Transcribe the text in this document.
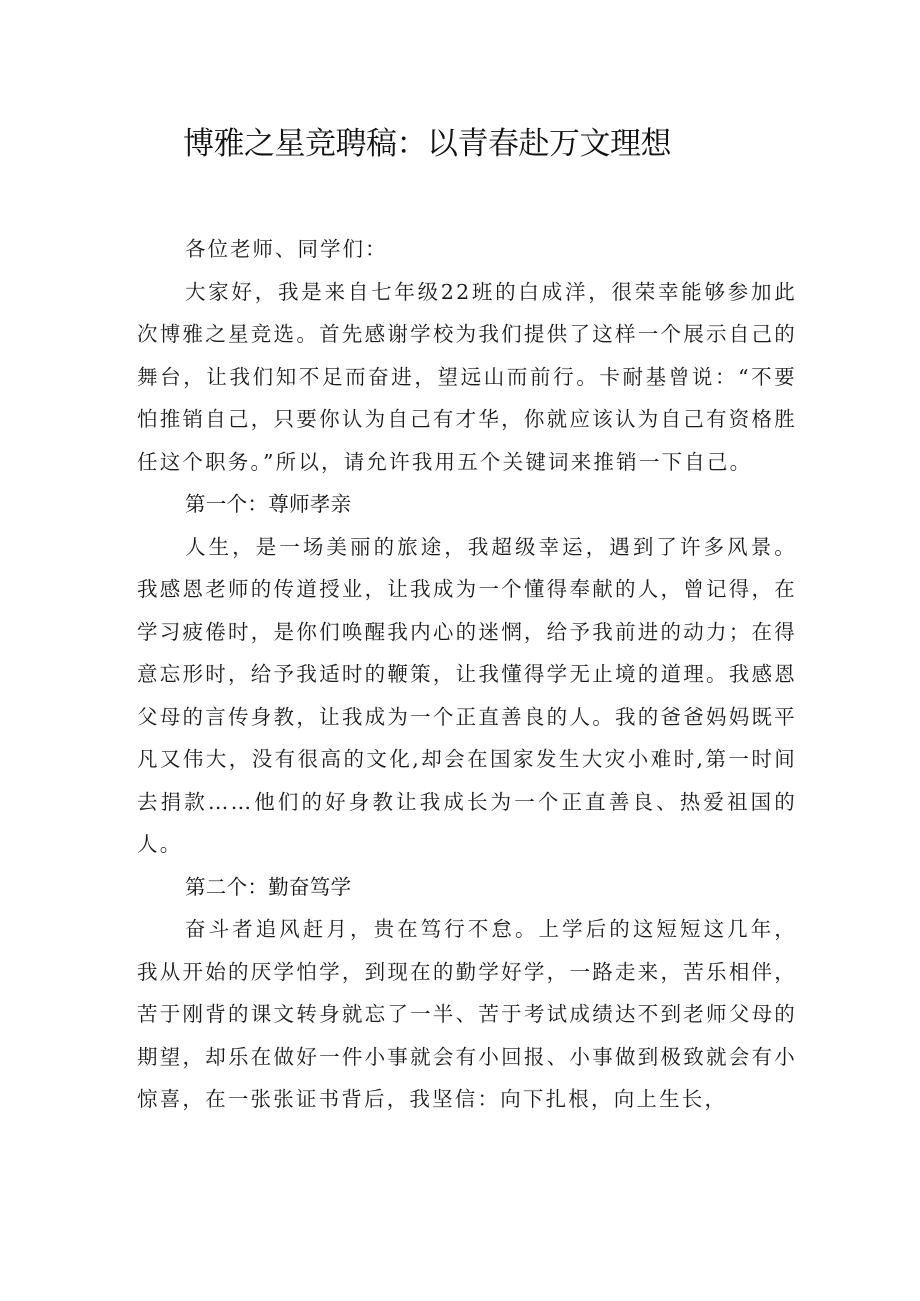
博雅之星竞聘稿：以青春赴万文理想

各位老师、同学们：

大家好，我是来自七年级22班的白成洋，很荣幸能够参加此次博雅之星竞选。首先感谢学校为我们提供了这样一个展示自己的舞台，让我们知不足而奋进，望远山而前行。卡耐基曾说：“不要怕推销自己，只要你认为自己有才华，你就应该认为自己有资格胜任这个职务。”所以，请允许我用五个关键词来推销一下自己。

第一个：尊师孝亲

人生，是一场美丽的旅途，我超级幸运，遇到了许多风景。我感恩老师的传道授业，让我成为一个懂得奉献的人，曾记得，在学习疲倦时，是你们唤醒我内心的迷惘，给予我前进的动力；在得意忘形时，给予我适时的鞭策，让我懂得学无止境的道理。我感恩父母的言传身教，让我成为一个正直善良的人。我的爸爸妈妈既平凡又伟大，没有很高的文化,却会在国家发生大灾小难时,第一时间去捐款……他们的好身教让我成长为一个正直善良、热爱祖国的人。

第二个：勤奋笃学

奋斗者追风赶月，贵在笃行不怠。上学后的这短短这几年，我从开始的厌学怕学，到现在的勤学好学，一路走来，苦乐相伴，苦于刚背的课文转身就忘了一半、苦于考试成绩达不到老师父母的期望，却乐在做好一件小事就会有小回报、小事做到极致就会有小惊喜，在一张张证书背后，我坚信：向下扎根，向上生长，
